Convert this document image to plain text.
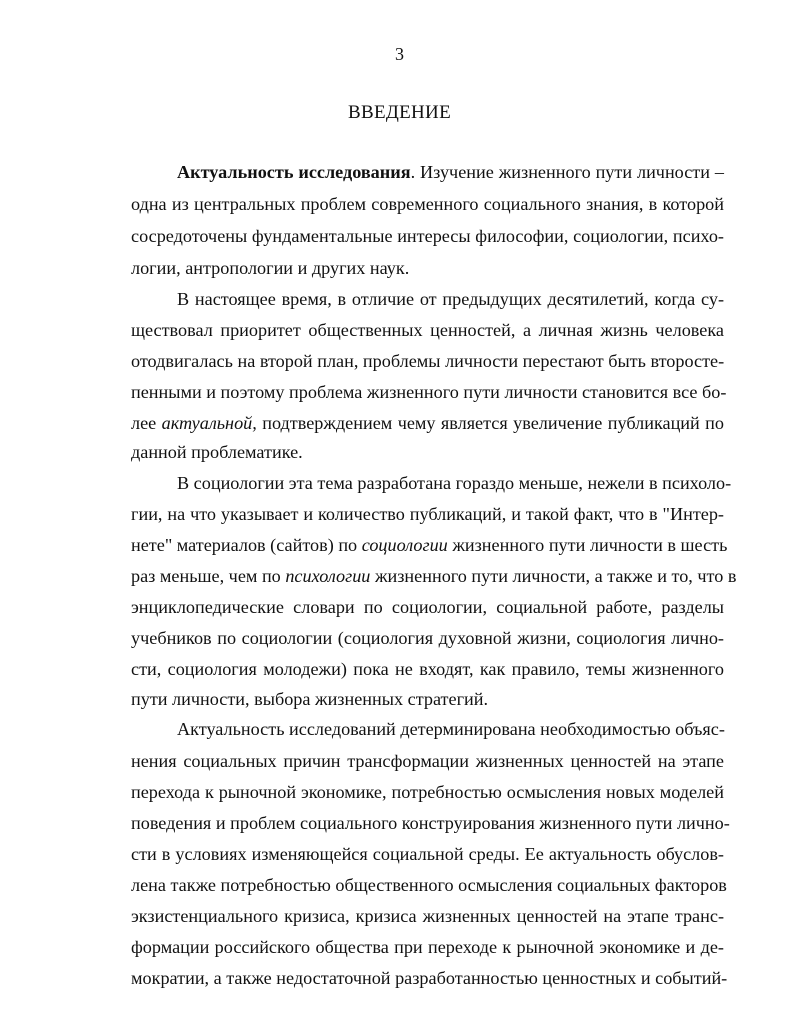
3
ВВЕДЕНИЕ
Актуальность исследования. Изучение жизненного пути личности –
одна из центральных проблем современного социального знания, в которой
сосредоточены фундаментальные интересы философии, социологии, психо-
логии, антропологии и других наук.
В настоящее время, в отличие от предыдущих десятилетий, когда су-
ществовал приоритет общественных ценностей, а личная жизнь человека
отодвигалась на второй план, проблемы личности перестают быть второсте-
пенными и поэтому проблема жизненного пути личности становится все бо-
лее актуальной, подтверждением чему является увеличение публикаций по
данной проблематике.
В социологии эта тема разработана гораздо меньше, нежели в психоло-
гии, на что указывает и количество публикаций, и такой факт, что в "Интер-
нете" материалов (сайтов) по социологии жизненного пути личности в шесть
раз меньше, чем по психологии жизненного пути личности, а также и то, что в
энциклопедические словари по социологии, социальной работе, разделы
учебников по социологии (социология духовной жизни, социология лично-
сти, социология молодежи) пока не входят, как правило, темы жизненного
пути личности, выбора жизненных стратегий.
Актуальность исследований детерминирована необходимостью объяс-
нения социальных причин трансформации жизненных ценностей на этапе
перехода к рыночной экономике, потребностью осмысления новых моделей
поведения и проблем социального конструирования жизненного пути лично-
сти в условиях изменяющейся социальной среды. Ее актуальность обуслов-
лена также потребностью общественного осмысления социальных факторов
экзистенциального кризиса, кризиса жизненных ценностей на этапе транс-
формации российского общества при переходе к рыночной экономике и де-
мократии, а также недостаточной разработанностью ценностных и событий-
